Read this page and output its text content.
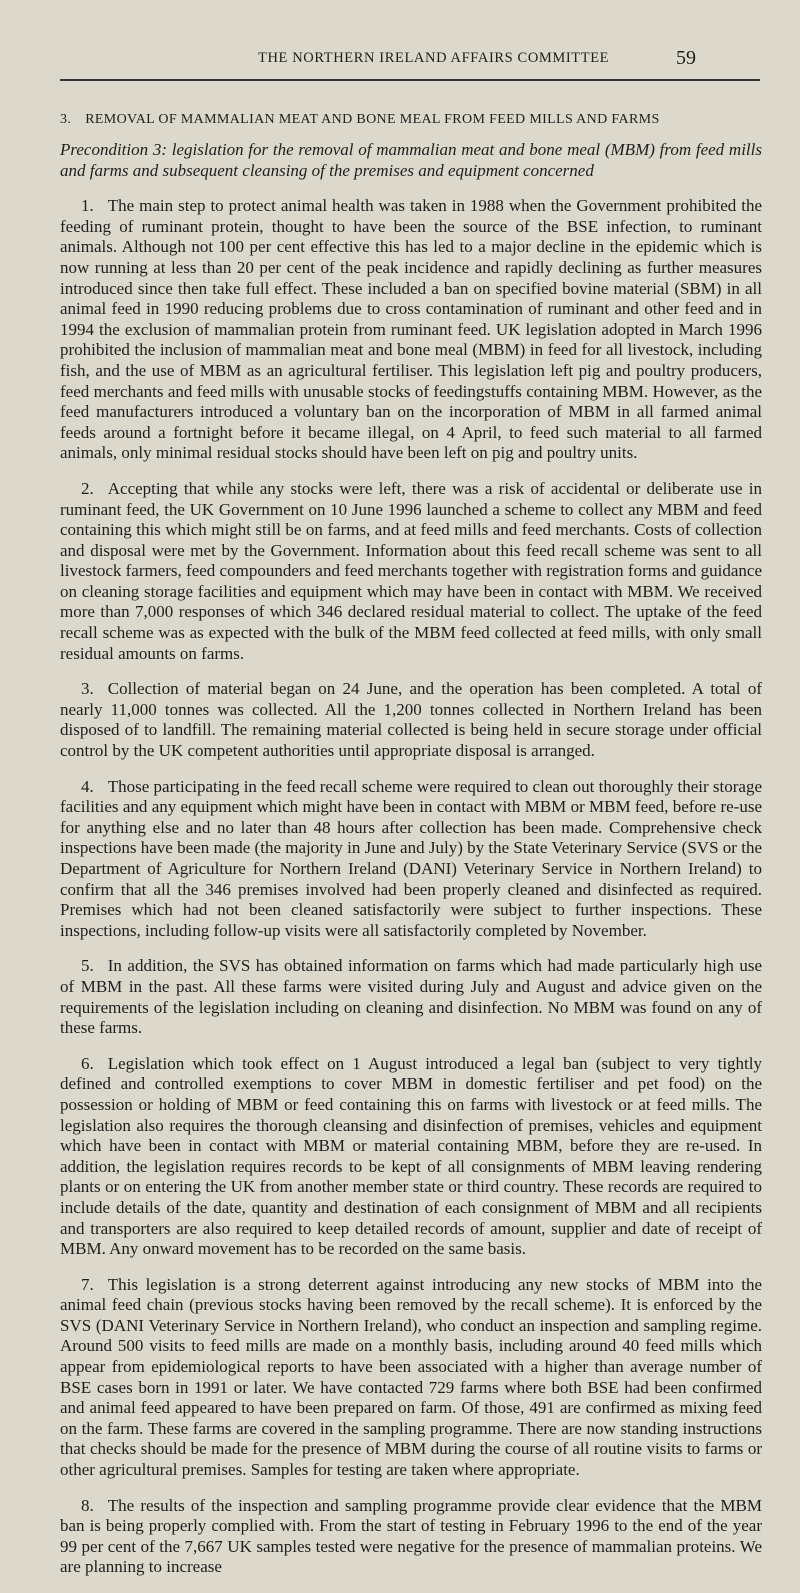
THE NORTHERN IRELAND AFFAIRS COMMITTEE	59

3. REMOVAL OF MAMMALIAN MEAT AND BONE MEAL FROM FEED MILLS AND FARMS

Precondition 3: legislation for the removal of mammalian meat and bone meal (MBM) from feed mills and farms and subsequent cleansing of the premises and equipment concerned

1. The main step to protect animal health was taken in 1988 when the Government prohibited the feeding of ruminant protein, thought to have been the source of the BSE infection, to ruminant animals. Although not 100 per cent effective this has led to a major decline in the epidemic which is now running at less than 20 per cent of the peak incidence and rapidly declining as further measures introduced since then take full effect. These included a ban on specified bovine material (SBM) in all animal feed in 1990 reducing problems due to cross contamination of ruminant and other feed and in 1994 the exclusion of mammalian protein from ruminant feed. UK legislation adopted in March 1996 prohibited the inclusion of mammalian meat and bone meal (MBM) in feed for all livestock, including fish, and the use of MBM as an agricultural fertiliser. This legislation left pig and poultry producers, feed merchants and feed mills with unusable stocks of feedingstuffs containing MBM. However, as the feed manufacturers introduced a voluntary ban on the incorporation of MBM in all farmed animal feeds around a fortnight before it became illegal, on 4 April, to feed such material to all farmed animals, only minimal residual stocks should have been left on pig and poultry units.

2. Accepting that while any stocks were left, there was a risk of accidental or deliberate use in ruminant feed, the UK Government on 10 June 1996 launched a scheme to collect any MBM and feed containing this which might still be on farms, and at feed mills and feed merchants. Costs of collection and disposal were met by the Government. Information about this feed recall scheme was sent to all livestock farmers, feed compounders and feed merchants together with registration forms and guidance on cleaning storage facilities and equipment which may have been in contact with MBM. We received more than 7,000 responses of which 346 declared residual material to collect. The uptake of the feed recall scheme was as expected with the bulk of the MBM feed collected at feed mills, with only small residual amounts on farms.

3. Collection of material began on 24 June, and the operation has been completed. A total of nearly 11,000 tonnes was collected. All the 1,200 tonnes collected in Northern Ireland has been disposed of to landfill. The remaining material collected is being held in secure storage under official control by the UK competent authorities until appropriate disposal is arranged.

4. Those participating in the feed recall scheme were required to clean out thoroughly their storage facilities and any equipment which might have been in contact with MBM or MBM feed, before re-use for anything else and no later than 48 hours after collection has been made. Comprehensive check inspections have been made (the majority in June and July) by the State Veterinary Service (SVS or the Department of Agriculture for Northern Ireland (DANI) Veterinary Service in Northern Ireland) to confirm that all the 346 premises involved had been properly cleaned and disinfected as required. Premises which had not been cleaned satisfactorily were subject to further inspections. These inspections, including follow-up visits were all satisfactorily completed by November.

5. In addition, the SVS has obtained information on farms which had made particularly high use of MBM in the past. All these farms were visited during July and August and advice given on the requirements of the legislation including on cleaning and disinfection. No MBM was found on any of these farms.

6. Legislation which took effect on 1 August introduced a legal ban (subject to very tightly defined and controlled exemptions to cover MBM in domestic fertiliser and pet food) on the possession or holding of MBM or feed containing this on farms with livestock or at feed mills. The legislation also requires the thorough cleansing and disinfection of premises, vehicles and equipment which have been in contact with MBM or material containing MBM, before they are re-used. In addition, the legislation requires records to be kept of all consignments of MBM leaving rendering plants or on entering the UK from another member state or third country. These records are required to include details of the date, quantity and destination of each consignment of MBM and all recipients and transporters are also required to keep detailed records of amount, supplier and date of receipt of MBM. Any onward movement has to be recorded on the same basis.

7. This legislation is a strong deterrent against introducing any new stocks of MBM into the animal feed chain (previous stocks having been removed by the recall scheme). It is enforced by the SVS (DANI Veterinary Service in Northern Ireland), who conduct an inspection and sampling regime. Around 500 visits to feed mills are made on a monthly basis, including around 40 feed mills which appear from epidemiological reports to have been associated with a higher than average number of BSE cases born in 1991 or later. We have contacted 729 farms where both BSE had been confirmed and animal feed appeared to have been prepared on farm. Of those, 491 are confirmed as mixing feed on the farm. These farms are covered in the sampling programme. There are now standing instructions that checks should be made for the presence of MBM during the course of all routine visits to farms or other agricultural premises. Samples for testing are taken where appropriate.

8. The results of the inspection and sampling programme provide clear evidence that the MBM ban is being properly complied with. From the start of testing in February 1996 to the end of the year 99 per cent of the 7,667 UK samples tested were negative for the presence of mammalian proteins. We are planning to increase
